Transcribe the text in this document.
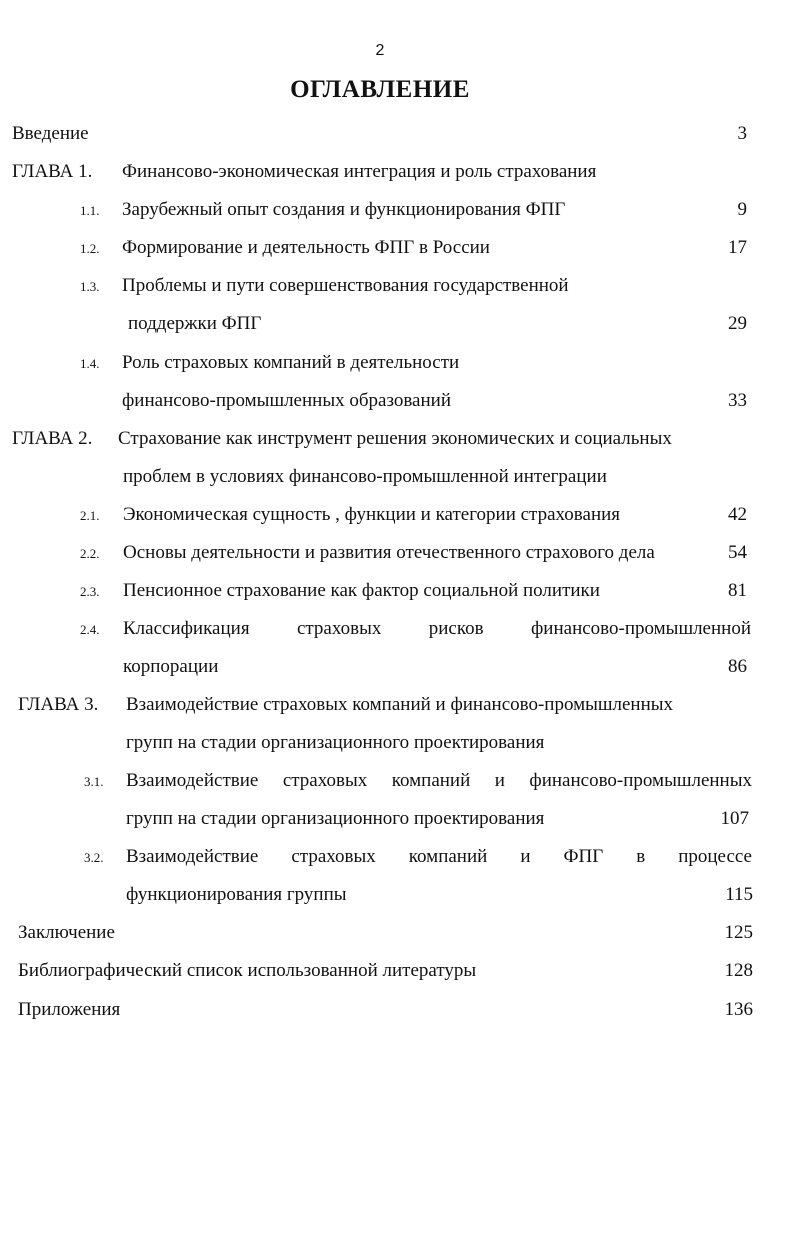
2
ОГЛАВЛЕНИЕ
Введение	3
ГЛАВА 1. Финансово-экономическая интеграция и роль страхования
1.1. Зарубежный опыт создания и функционирования ФПГ	9
1.2. Формирование и деятельность ФПГ в России	17
1.3. Проблемы и пути совершенствования государственной
поддержки ФПГ	29
1.4. Роль страховых компаний в деятельности
финансово-промышленных образований	33
ГЛАВА 2. Страхование как инструмент решения экономических и социальных
проблем в условиях финансово-промышленной интеграции
2.1. Экономическая сущность , функции и категории страхования	42
2.2. Основы деятельности и развития отечественного страхового дела	54
2.3. Пенсионное страхование как фактор социальной политики	81
2.4. Классификация страховых рисков финансово-промышленной
корпорации	86
ГЛАВА 3. Взаимодействие страховых компаний и финансово-промышленных
групп на стадии организационного проектирования
3.1. Взаимодействие страховых компаний и финансово-промышленных
групп на стадии организационного проектирования	107
3.2. Взаимодействие страховых компаний и ФПГ в процессе
функционирования группы	115
Заключение	125
Библиографический список использованной литературы	128
Приложения	136
